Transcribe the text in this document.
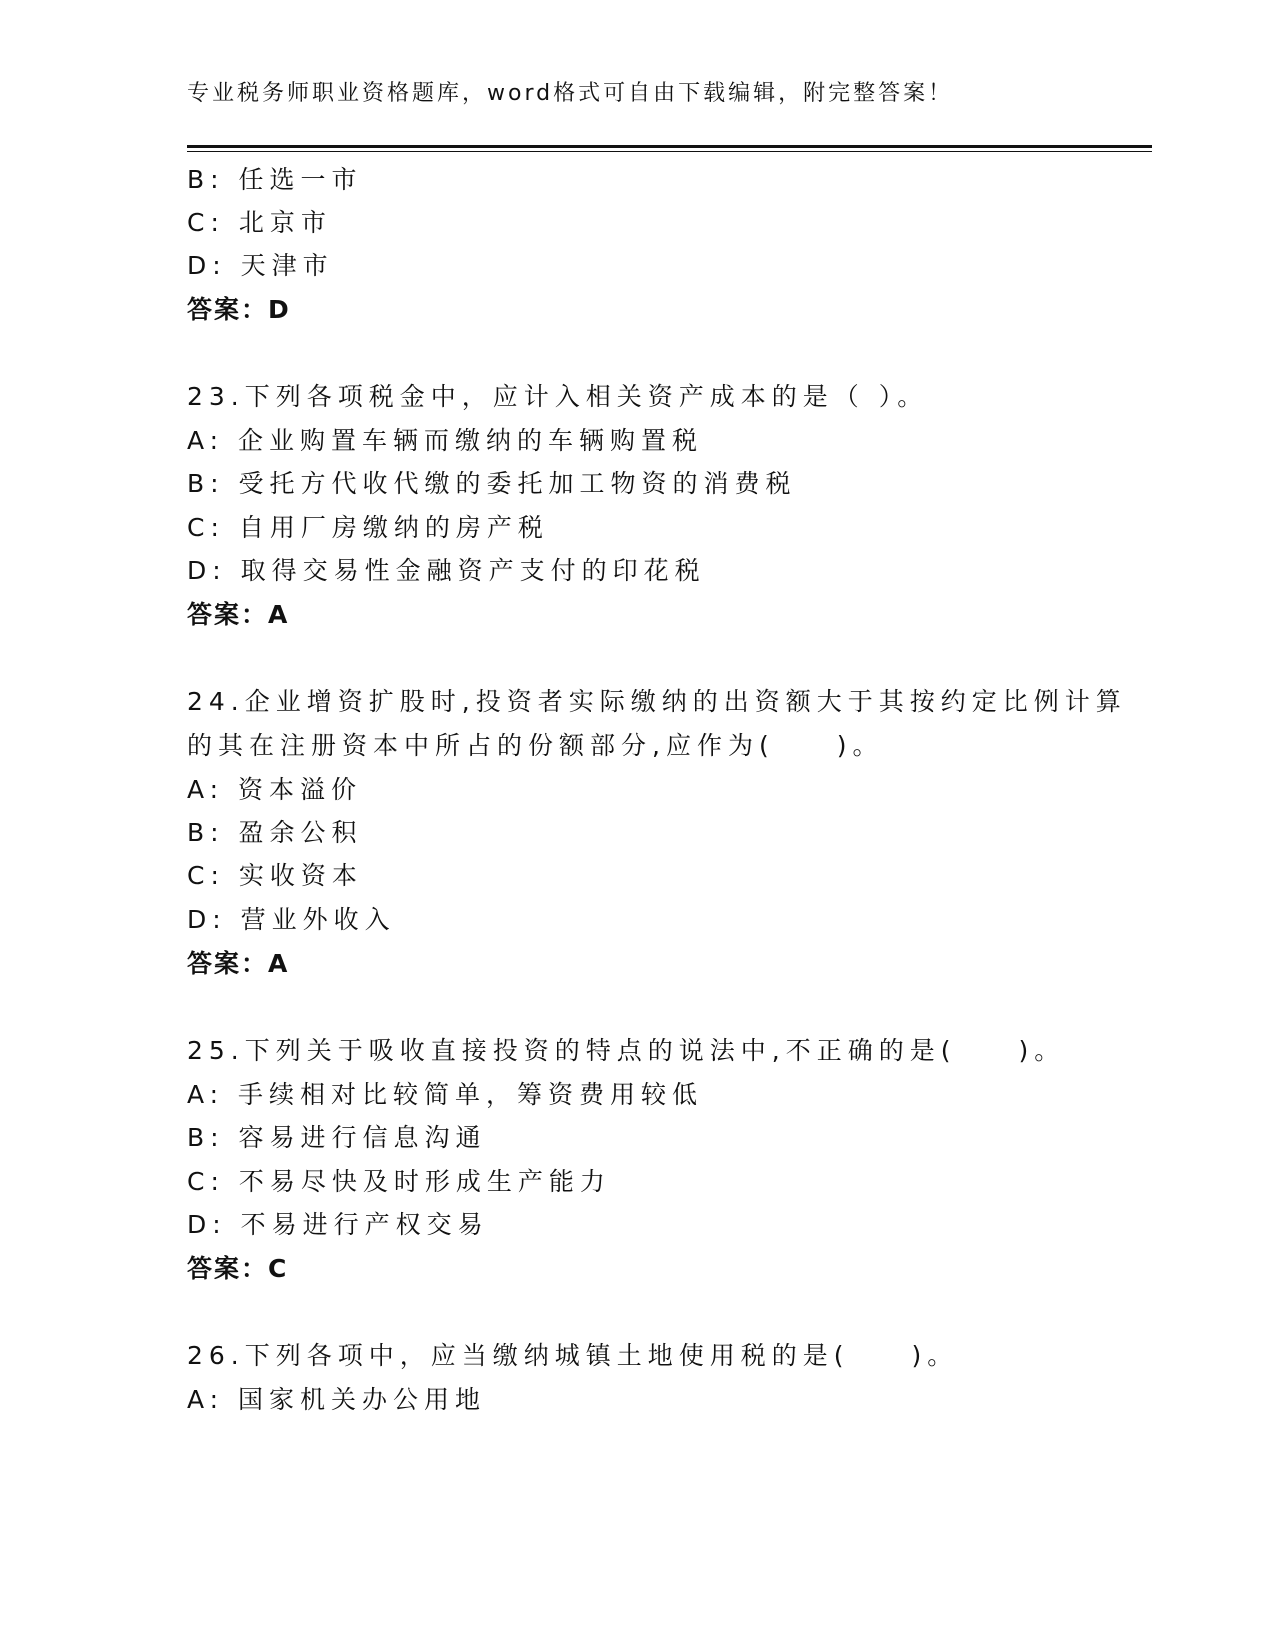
专业税务师职业资格题库，word格式可自由下载编辑，附完整答案！
B: 任选一市
C: 北京市
D: 天津市
答案：D
23.下列各项税金中，应计入相关资产成本的是（ ）。
A: 企业购置车辆而缴纳的车辆购置税
B: 受托方代收代缴的委托加工物资的消费税
C: 自用厂房缴纳的房产税
D: 取得交易性金融资产支付的印花税
答案：A
24.企业增资扩股时,投资者实际缴纳的出资额大于其按约定比例计算
的其在注册资本中所占的份额部分,应作为(　　)。
A: 资本溢价
B: 盈余公积
C: 实收资本
D: 营业外收入
答案：A
25.下列关于吸收直接投资的特点的说法中,不正确的是(　　)。
A: 手续相对比较简单，筹资费用较低
B: 容易进行信息沟通
C: 不易尽快及时形成生产能力
D: 不易进行产权交易
答案：C
26.下列各项中，应当缴纳城镇土地使用税的是(　　)。
A: 国家机关办公用地
